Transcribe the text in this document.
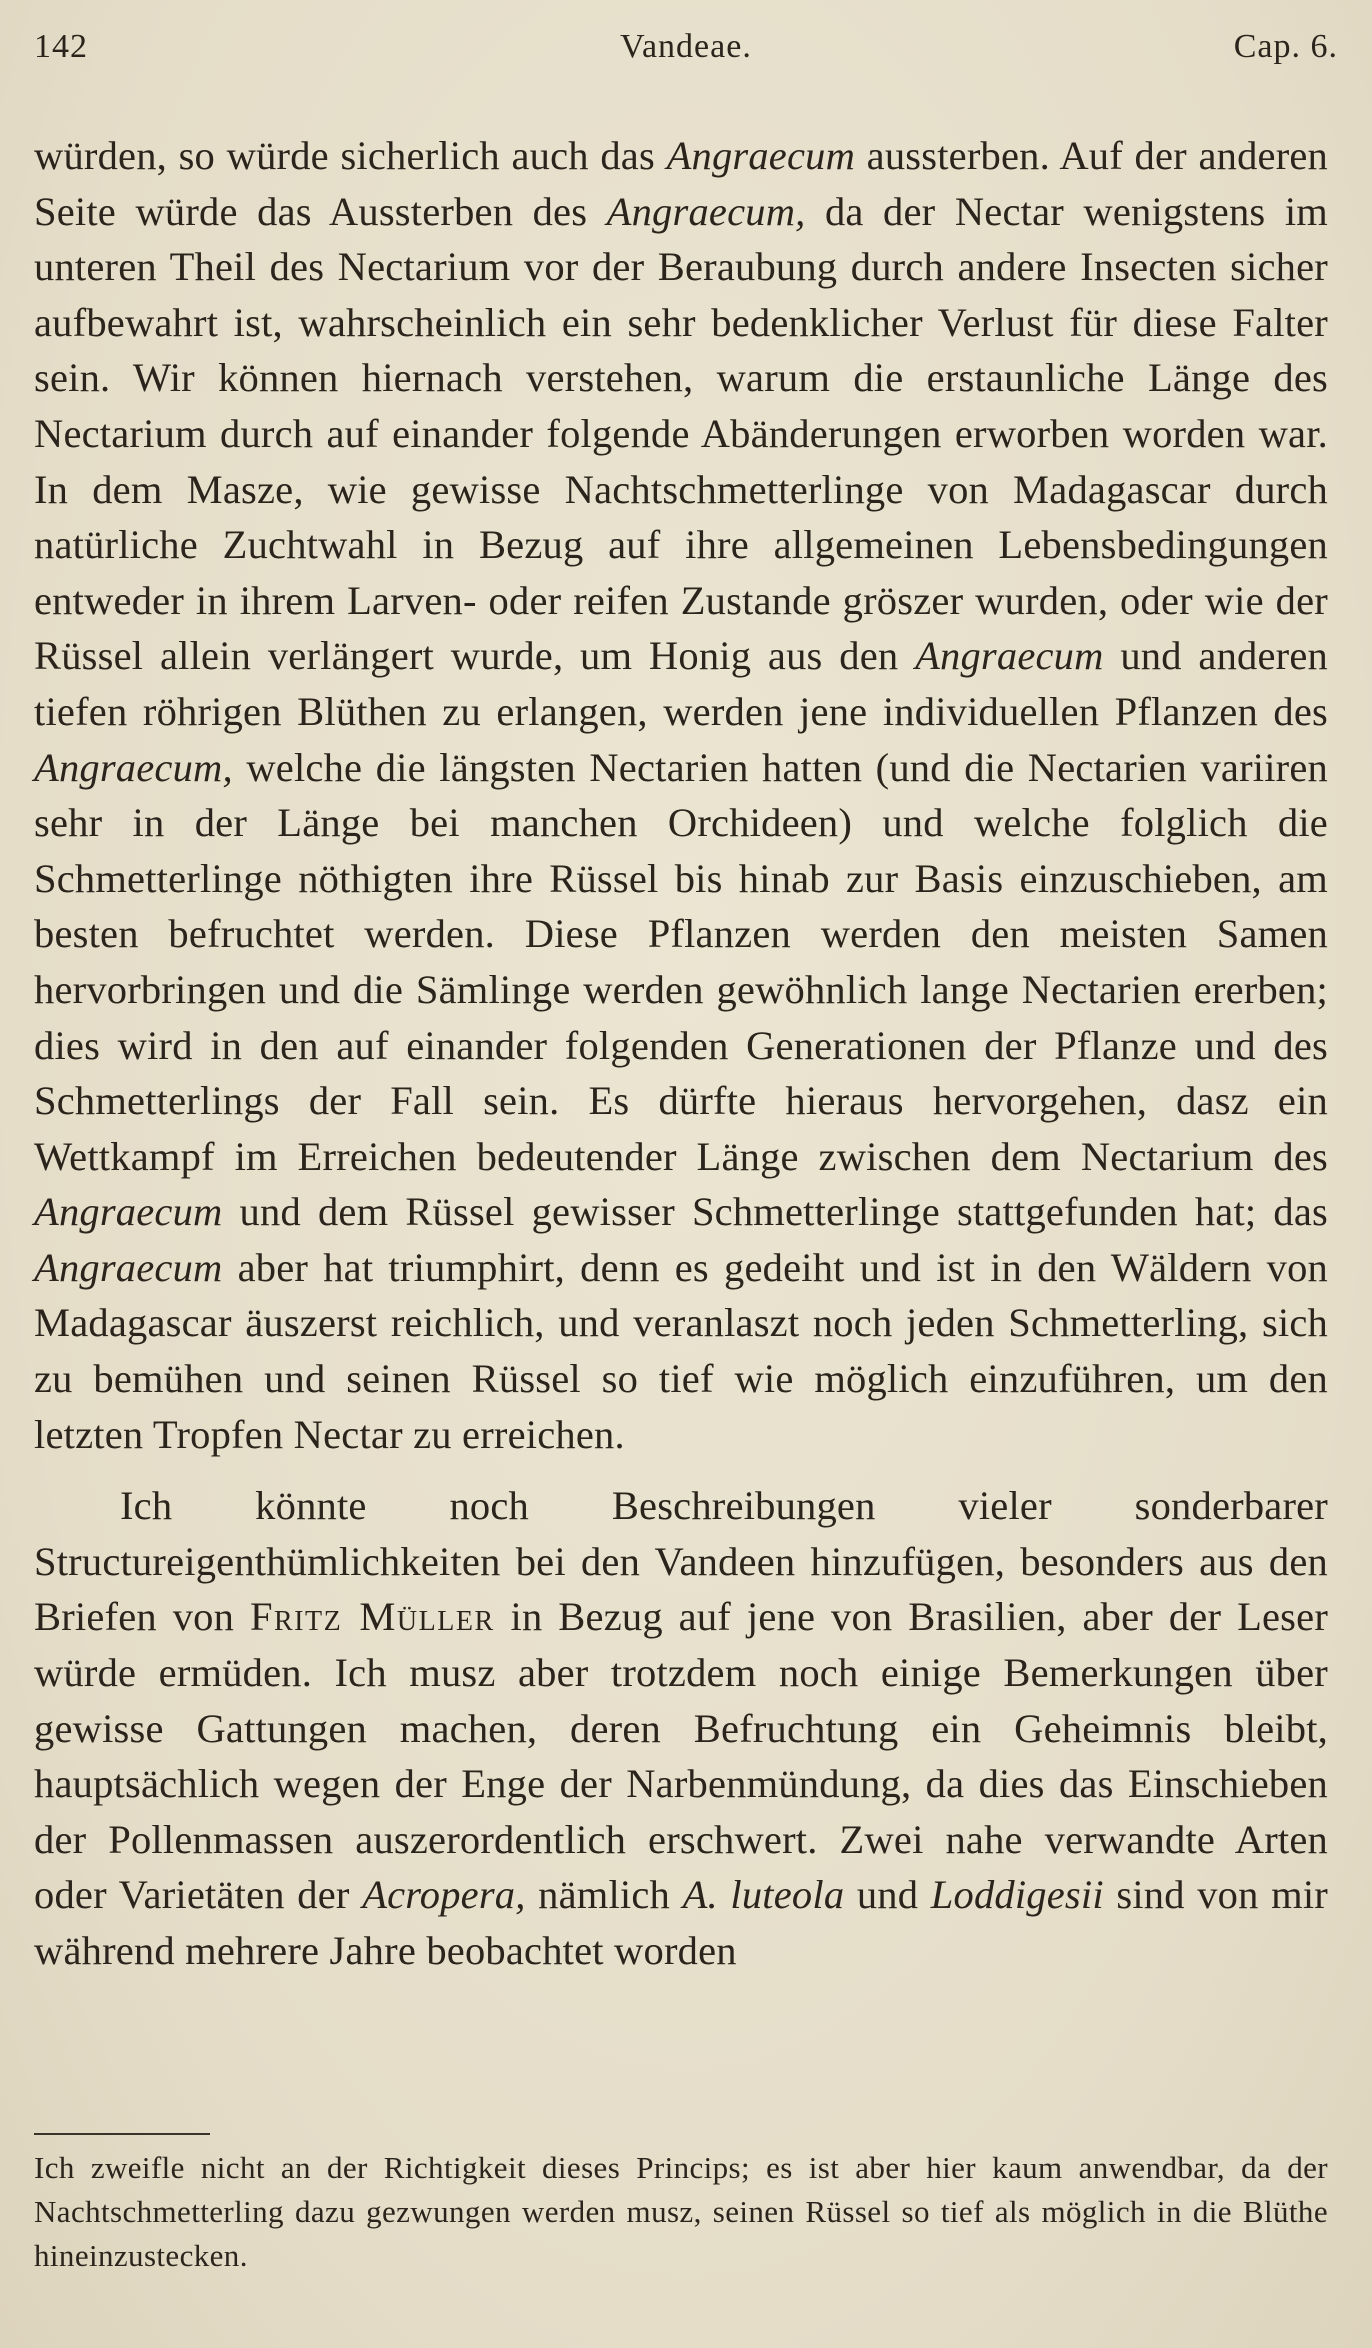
142	Vandeae.	Cap. 6.

würden, so würde sicherlich auch das Angraecum aussterben. Auf der anderen Seite würde das Aussterben des Angraecum, da der Nectar wenigstens im unteren Theil des Nectarium vor der Beraubung durch andere Insecten sicher aufbewahrt ist, wahrscheinlich ein sehr bedenklicher Verlust für diese Falter sein. Wir können hiernach verstehen, warum die erstaunliche Länge des Nectarium durch auf einander folgende Abänderungen erworben worden war. In dem Masze, wie gewisse Nachtschmetterlinge von Madagascar durch natürliche Zuchtwahl in Bezug auf ihre allgemeinen Lebensbedingungen entweder in ihrem Larven- oder reifen Zustande gröszer wurden, oder wie der Rüssel allein verlängert wurde, um Honig aus den Angraecum und anderen tiefen röhrigen Blüthen zu erlangen, werden jene individuellen Pflanzen des Angraecum, welche die längsten Nectarien hatten (und die Nectarien variiren sehr in der Länge bei manchen Orchideen) und welche folglich die Schmetterlinge nöthigten ihre Rüssel bis hinab zur Basis einzuschieben, am besten befruchtet werden. Diese Pflanzen werden den meisten Samen hervorbringen und die Sämlinge werden gewöhnlich lange Nectarien ererben; dies wird in den auf einander folgenden Generationen der Pflanze und des Schmetterlings der Fall sein. Es dürfte hieraus hervorgehen, dasz ein Wettkampf im Erreichen bedeutender Länge zwischen dem Nectarium des Angraecum und dem Rüssel gewisser Schmetterlinge stattgefunden hat; das Angraecum aber hat triumphirt, denn es gedeiht und ist in den Wäldern von Madagascar äuszerst reichlich, und veranlaszt noch jeden Schmetterling, sich zu bemühen und seinen Rüssel so tief wie möglich einzuführen, um den letzten Tropfen Nectar zu erreichen.

Ich könnte noch Beschreibungen vieler sonderbarer Structureigenthümlichkeiten bei den Vandeen hinzufügen, besonders aus den Briefen von Fritz Müller in Bezug auf jene von Brasilien, aber der Leser würde ermüden. Ich musz aber trotzdem noch einige Bemerkungen über gewisse Gattungen machen, deren Befruchtung ein Geheimnis bleibt, hauptsächlich wegen der Enge der Narbenmündung, da dies das Einschieben der Pollenmassen auszerordentlich erschwert. Zwei nahe verwandte Arten oder Varietäten der Acropera, nämlich A. luteola und Loddigesii sind von mir während mehrere Jahre beobachtet worden

Ich zweifle nicht an der Richtigkeit dieses Princips; es ist aber hier kaum anwendbar, da der Nachtschmetterling dazu gezwungen werden musz, seinen Rüssel so tief als möglich in die Blüthe hineinzustecken.
